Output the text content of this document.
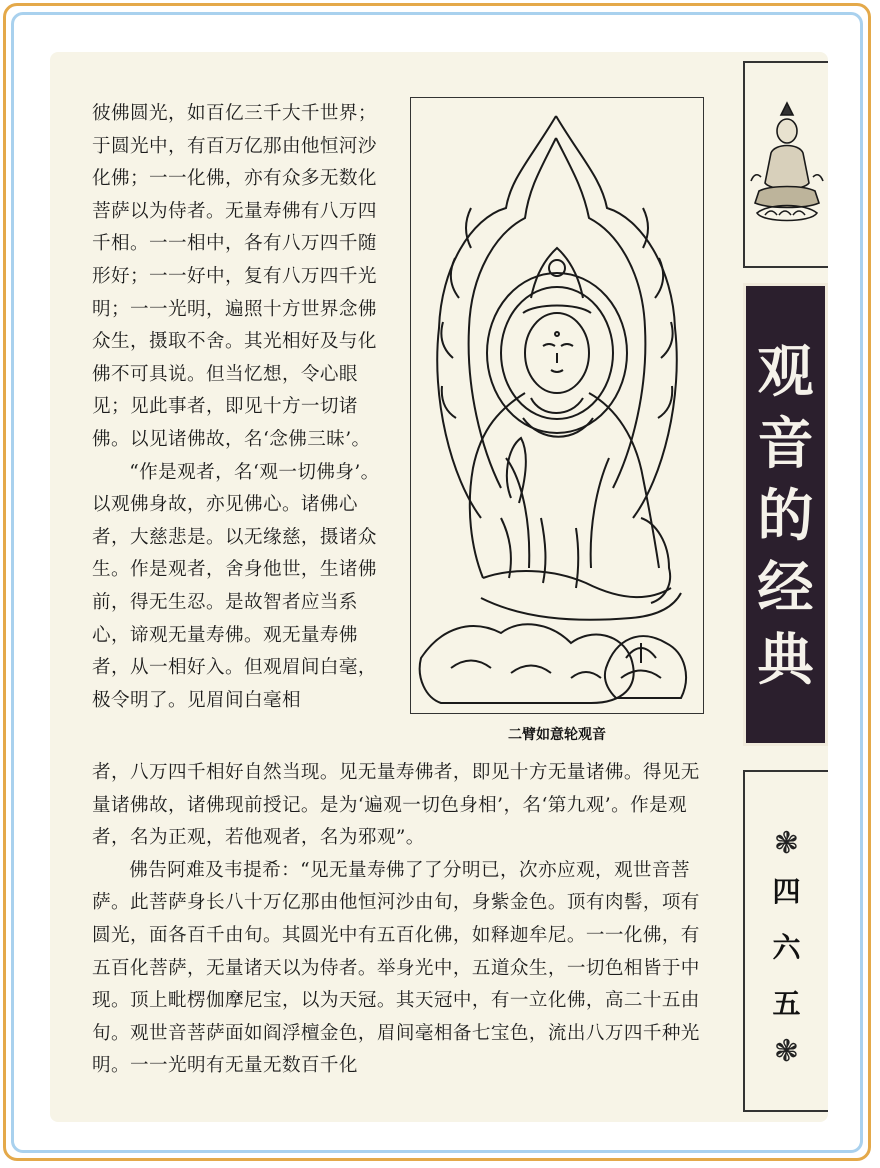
彼佛圆光，如百亿三千大千世界；于圆光中，有百万亿那由他恒河沙化佛；一一化佛，亦有众多无数化菩萨以为侍者。无量寿佛有八万四千相。一一相中，各有八万四千随形好；一一好中，复有八万四千光明；一一光明，遍照十方世界念佛众生，摄取不舍。其光相好及与化佛不可具说。但当忆想，令心眼见；见此事者，即见十方一切诸佛。以见诸佛故，名‘念佛三昧’。

“作是观者，名‘观一切佛身’。以观佛身故，亦见佛心。诸佛心者，大慈悲是。以无缘慈，摄诸众生。作是观者，舍身他世，生诸佛前，得无生忍。是故智者应当系心，谛观无量寿佛。观无量寿佛者，从一相好入。但观眉间白毫，极令明了。见眉间白毫相

者，八万四千相好自然当现。见无量寿佛者，即见十方无量诸佛。得见无量诸佛故，诸佛现前授记。是为‘遍观一切色身相’，名‘第九观’。作是观者，名为正观，若他观者，名为邪观”。

佛告阿难及韦提希：“见无量寿佛了了分明已，次亦应观，观世音菩萨。此菩萨身长八十万亿那由他恒河沙由旬，身紫金色。顶有肉髻，项有圆光，面各百千由旬。其圆光中有五百化佛，如释迦牟尼。一一化佛，有五百化菩萨，无量诸天以为侍者。举身光中，五道众生，一切色相皆于中现。顶上毗楞伽摩尼宝，以为天冠。其天冠中，有一立化佛，高二十五由旬。观世音菩萨面如阎浮檀金色，眉间毫相备七宝色，流出八万四千种光明。一一光明有无量无数百千化

二臂如意轮观音
观
音
的
经
典
❃
四
六
五
❃
